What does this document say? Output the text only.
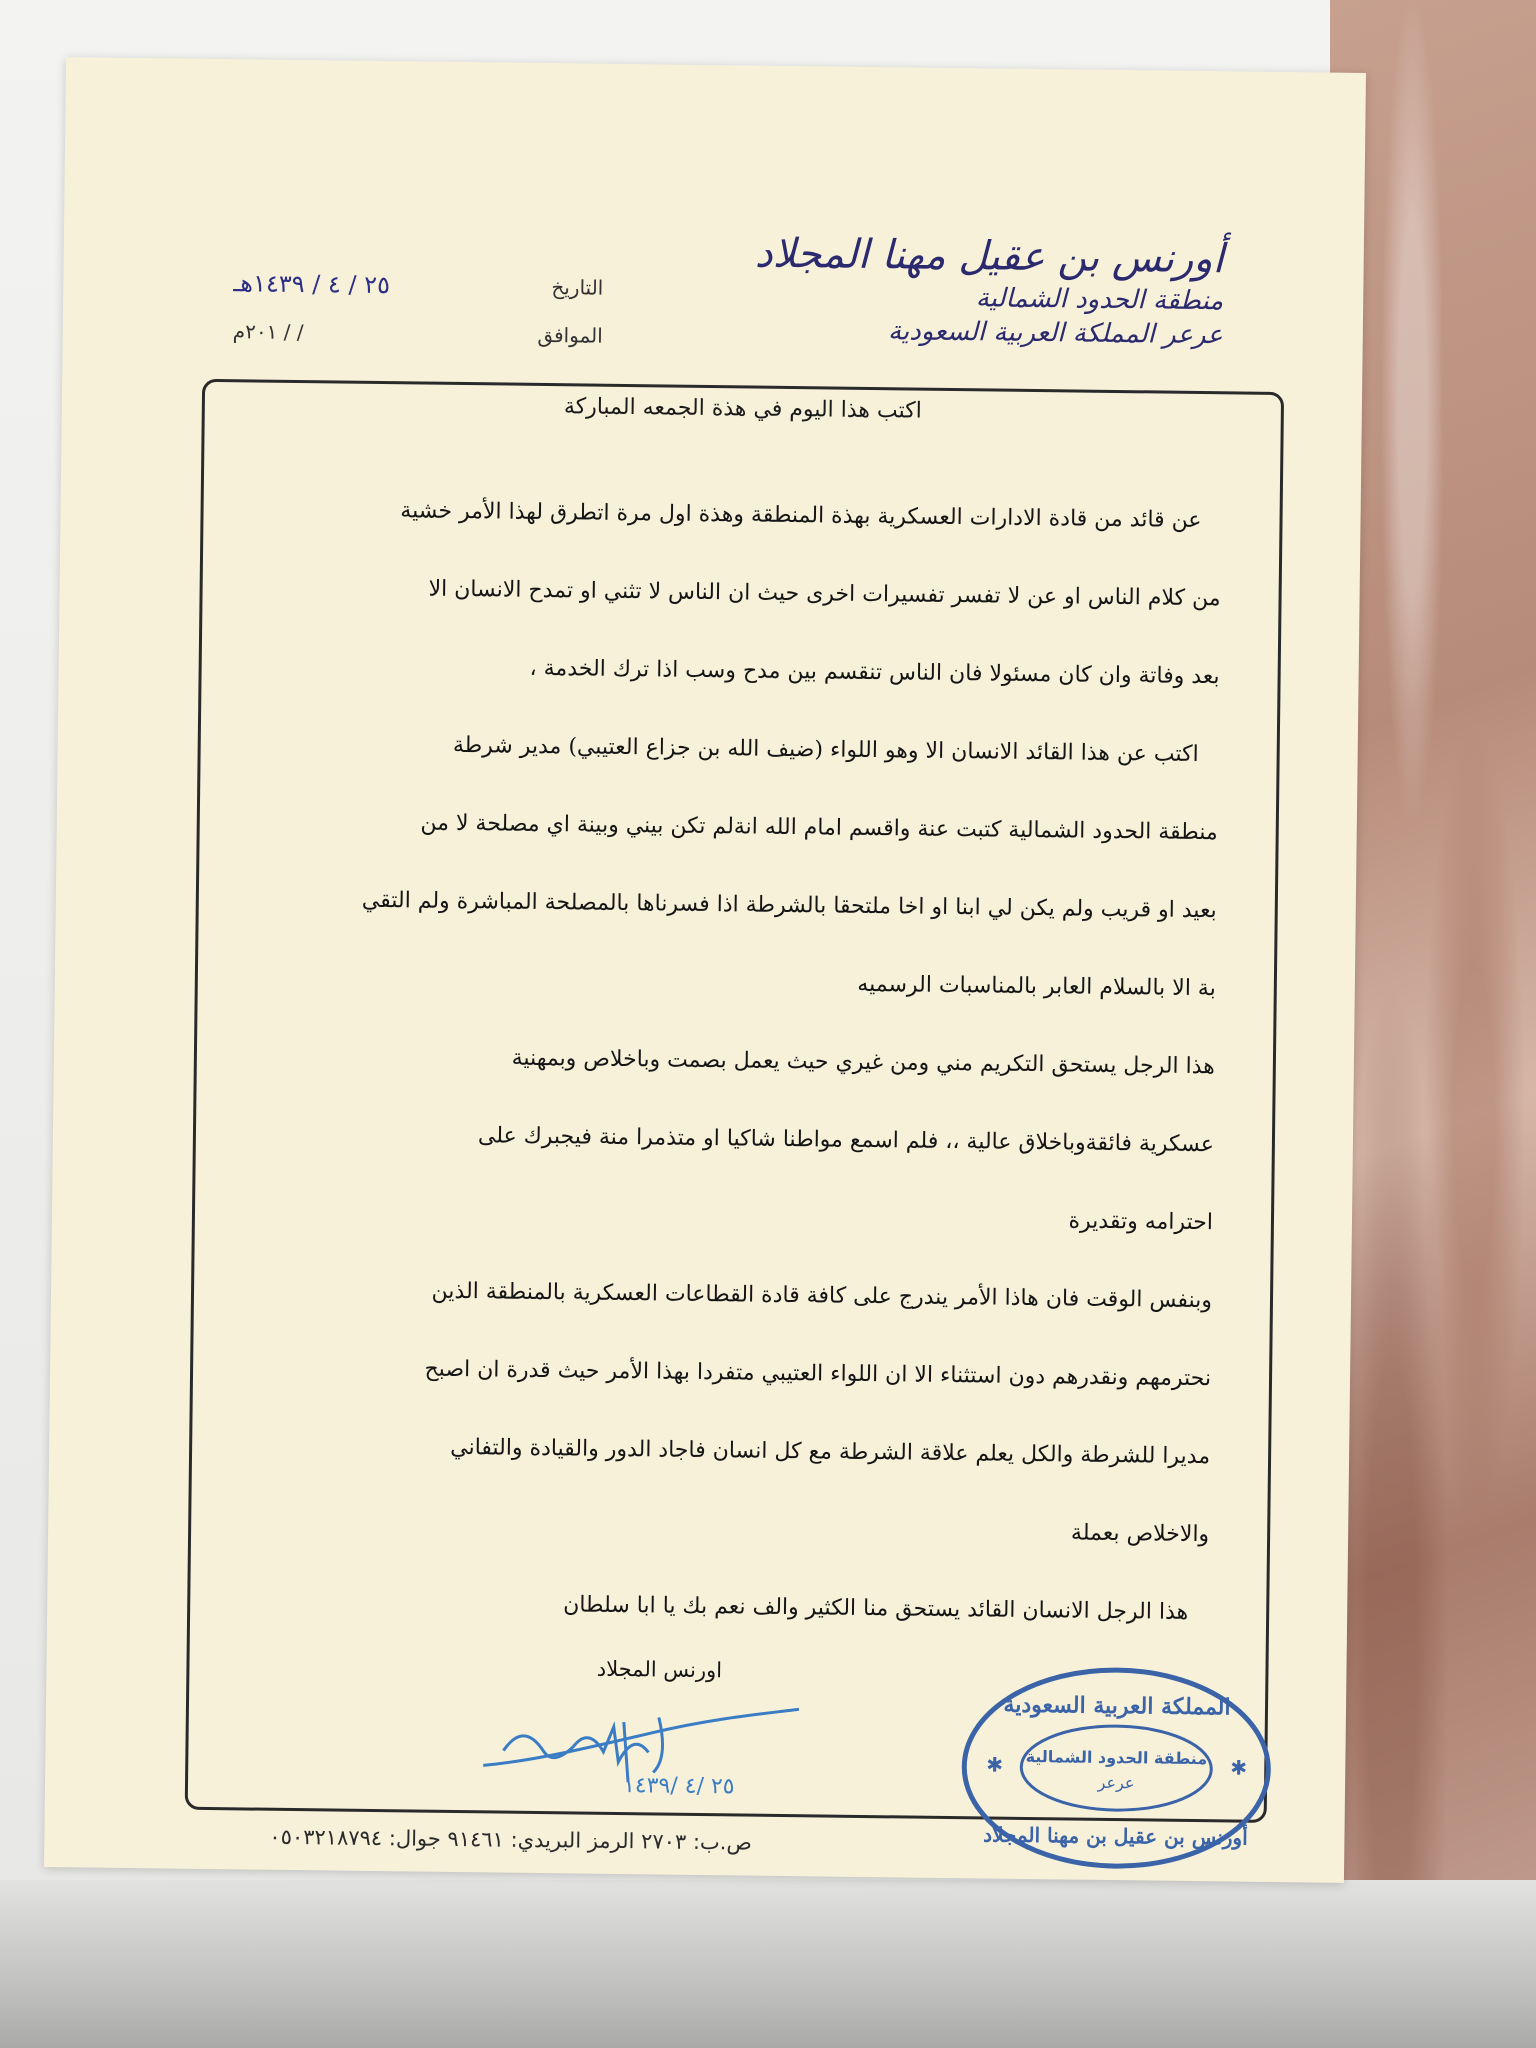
أورنس بن عقيل مهنا المجلاد
منطقة الحدود الشمالية
عرعر المملكة العربية السعودية
التاريخ
٢٥ / ٤ / ١٤٣٩هـ
الموافق
/ / ٢٠١م
اكتب هذا اليوم في هذة الجمعه المباركة
عن قائد من قادة الادارات العسكرية بهذة المنطقة وهذة اول مرة اتطرق لهذا الأمر خشية
من كلام الناس او عن لا تفسر تفسيرات اخرى حيث ان الناس لا تثني او تمدح الانسان الا
بعد وفاتة وان كان مسئولا فان الناس تنقسم بين مدح وسب اذا ترك الخدمة ،
اكتب عن هذا القائد الانسان الا وهو اللواء (ضيف الله بن جزاع العتيبي) مدير شرطة
منطقة الحدود الشمالية كتبت عنة واقسم امام الله انةلم تكن بيني وبينة اي مصلحة لا من
بعيد او قريب ولم يكن لي ابنا او اخا ملتحقا بالشرطة اذا فسرناها بالمصلحة المباشرة ولم التقي
بة الا بالسلام العابر بالمناسبات الرسميه
هذا الرجل يستحق التكريم مني ومن غيري حيث يعمل بصمت وباخلاص وبمهنية
عسكرية فائقةوباخلاق عالية ،، فلم اسمع مواطنا شاكيا او متذمرا منة فيجبرك على
احترامه وتقديرة
وبنفس الوقت فان هاذا الأمر يندرج على كافة قادة القطاعات العسكرية بالمنطقة الذين
نحترمهم ونقدرهم دون استثناء الا ان اللواء العتيبي متفردا بهذا الأمر حيث قدرة ان اصبح
مديرا للشرطة والكل يعلم علاقة الشرطة مع كل انسان فاجاد الدور والقيادة والتفاني
والاخلاص بعملة
هذا الرجل الانسان القائد يستحق منا الكثير والف نعم بك يا ابا سلطان
اورنس المجلاد
٢٥ /٤ /١٤٣٩
المملكة العربية السعودية
منطقة الحدود الشمالية
عرعر
أورنس بن عقيل بن مهنا المجلاد
✱	✱
ص.ب: ٢٧٠٣ الرمز البريدي: ٩١٤٦١ جوال: ٠٥٠٣٢١٨٧٩٤
